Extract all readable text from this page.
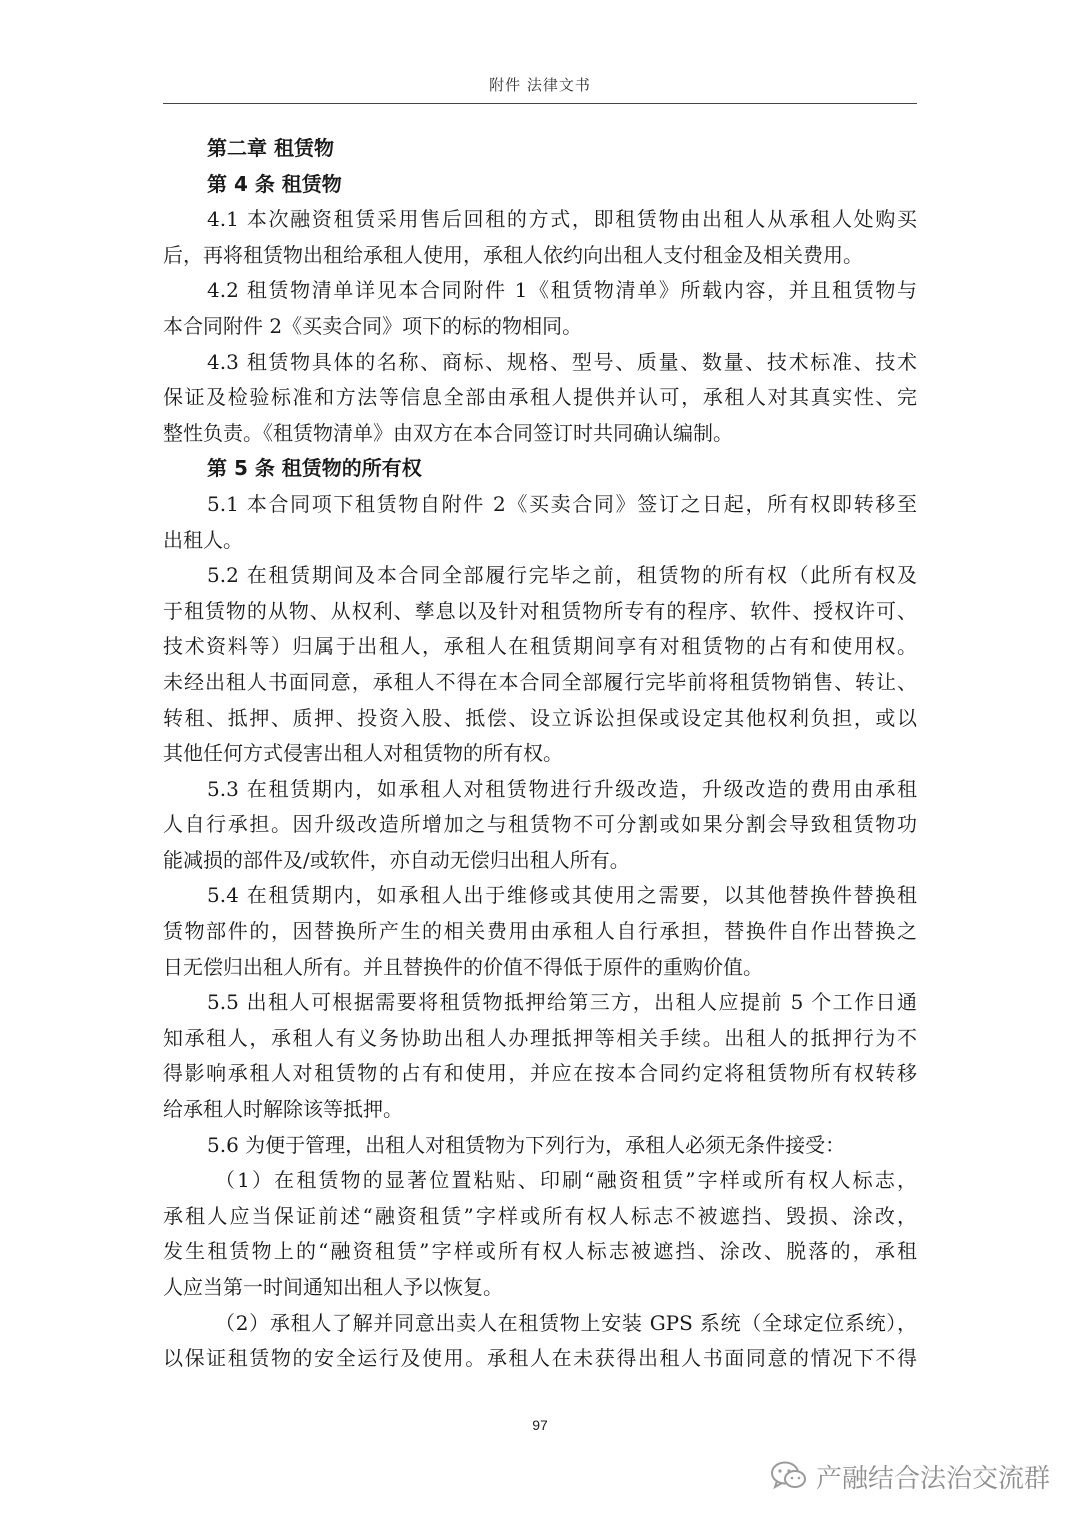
附件 法律文书
第二章 租赁物
第 4 条 租赁物
4.1 本次融资租赁采用售后回租的方式，即租赁物由出租人从承租人处购买
后，再将租赁物出租给承租人使用，承租人依约向出租人支付租金及相关费用。
4.2 租赁物清单详见本合同附件 1《租赁物清单》所载内容，并且租赁物与
本合同附件 2《买卖合同》项下的标的物相同。
4.3 租赁物具体的名称、商标、规格、型号、质量、数量、技术标准、技术
保证及检验标准和方法等信息全部由承租人提供并认可，承租人对其真实性、完
整性负责。《租赁物清单》由双方在本合同签订时共同确认编制。
第 5 条 租赁物的所有权
5.1 本合同项下租赁物自附件 2《买卖合同》签订之日起，所有权即转移至
出租人。
5.2 在租赁期间及本合同全部履行完毕之前，租赁物的所有权（此所有权及
于租赁物的从物、从权利、孳息以及针对租赁物所专有的程序、软件、授权许可、
技术资料等）归属于出租人，承租人在租赁期间享有对租赁物的占有和使用权。
未经出租人书面同意，承租人不得在本合同全部履行完毕前将租赁物销售、转让、
转租、抵押、质押、投资入股、抵偿、设立诉讼担保或设定其他权利负担，或以
其他任何方式侵害出租人对租赁物的所有权。
5.3 在租赁期内，如承租人对租赁物进行升级改造，升级改造的费用由承租
人自行承担。因升级改造所增加之与租赁物不可分割或如果分割会导致租赁物功
能减损的部件及/或软件，亦自动无偿归出租人所有。
5.4 在租赁期内，如承租人出于维修或其使用之需要，以其他替换件替换租
赁物部件的，因替换所产生的相关费用由承租人自行承担，替换件自作出替换之
日无偿归出租人所有。并且替换件的价值不得低于原件的重购价值。
5.5 出租人可根据需要将租赁物抵押给第三方，出租人应提前 5 个工作日通
知承租人，承租人有义务协助出租人办理抵押等相关手续。出租人的抵押行为不
得影响承租人对租赁物的占有和使用，并应在按本合同约定将租赁物所有权转移
给承租人时解除该等抵押。
5.6 为便于管理，出租人对租赁物为下列行为，承租人必须无条件接受：
（1）在租赁物的显著位置粘贴、印刷“融资租赁”字样或所有权人标志，
承租人应当保证前述“融资租赁”字样或所有权人标志不被遮挡、毁损、涂改，
发生租赁物上的“融资租赁”字样或所有权人标志被遮挡、涂改、脱落的，承租
人应当第一时间通知出租人予以恢复。
（2）承租人了解并同意出卖人在租赁物上安装 GPS 系统（全球定位系统），
以保证租赁物的安全运行及使用。承租人在未获得出租人书面同意的情况下不得
97
产融结合法治交流群
